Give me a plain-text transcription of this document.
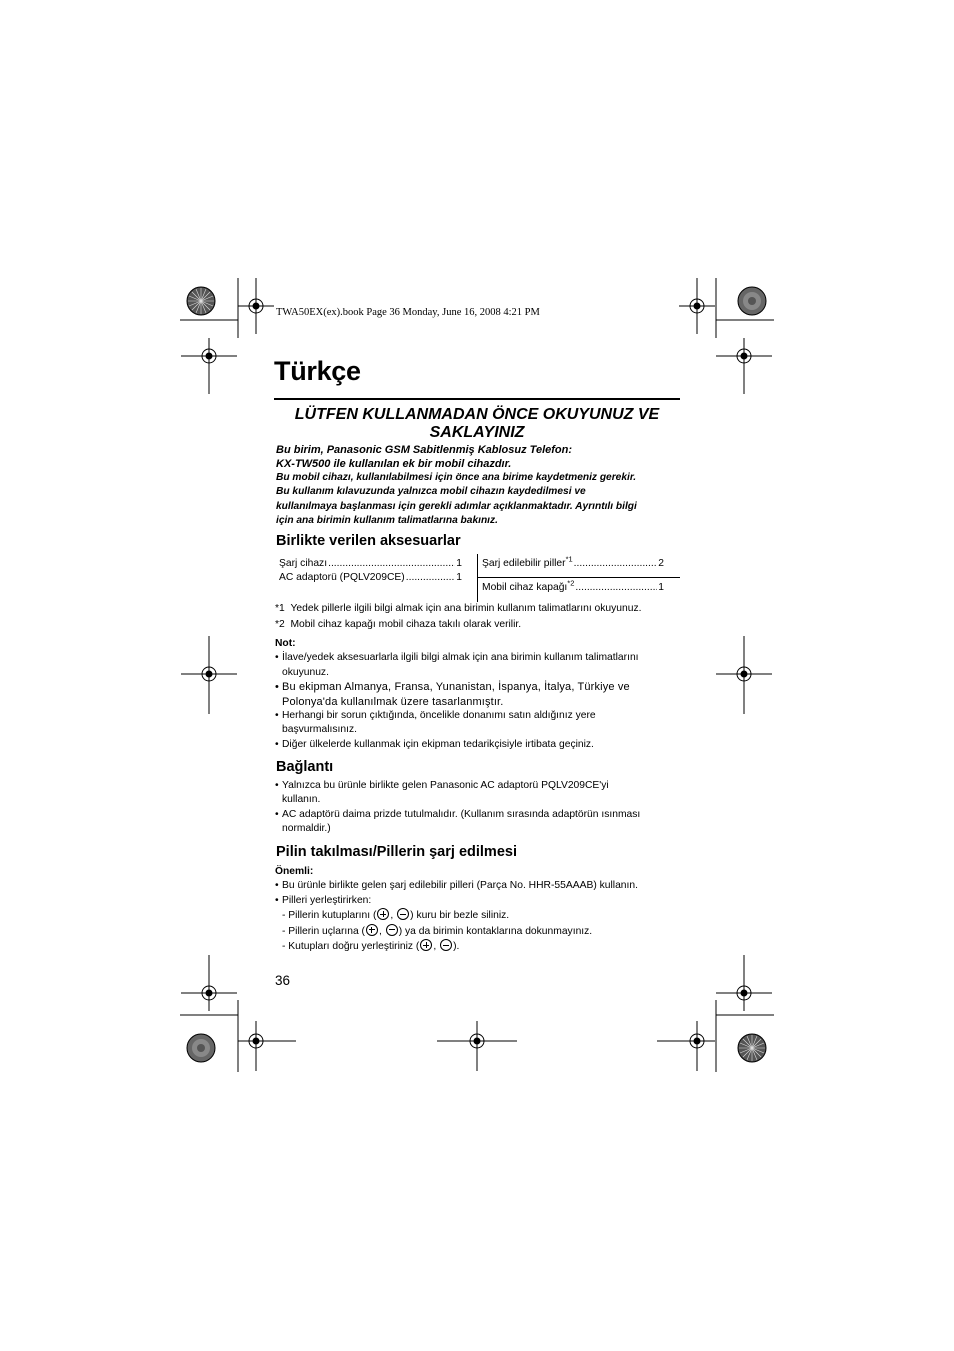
TWA50EX(ex).book Page 36 Monday, June 16, 2008 4:21 PM
Türkçe
LÜTFEN KULLANMADAN ÖNCE OKUYUNUZ VE
SAKLAYINIZ
Bu birim, Panasonic GSM Sabitlenmiş Kablosuz Telefon:
KX-TW500 ile kullanılan ek bir mobil cihazdır.
Bu mobil cihazı, kullanılabilmesi için önce ana birime kaydetmeniz gerekir.
Bu kullanım kılavuzunda yalnızca mobil cihazın kaydedilmesi ve
kullanılmaya başlanması için gerekli adımlar açıklanmaktadır. Ayrıntılı bilgi
için ana birimin kullanım talimatlarına bakınız.
Birlikte verilen aksesuarlar
Şarj cihazı .....	1
AC adaptorü (PQLV209CE) .....	1
Şarj edilebilir piller$^{*1}$ .....	2
Mobil cihaz kapağı$^{*2}$ .....	1
*1 Yedek pillerle ilgili bilgi almak için ana birimin kullanım talimatlarını okuyunuz.
*2 Mobil cihaz kapağı mobil cihaza takılı olarak verilir.
Not:
• İlave/yedek aksesuarlarla ilgili bilgi almak için ana birimin kullanım talimatlarını
okuyunuz.
• Bu ekipman Almanya, Fransa, Yunanistan, İspanya, İtalya, Türkiye ve
Polonya'da kullanılmak üzere tasarlanmıştır.
• Herhangi bir sorun çıktığında, öncelikle donanımı satın aldığınız yere
başvurmalısınız.
• Diğer ülkelerde kullanmak için ekipman tedarikçisiyle irtibata geçiniz.
Bağlantı
• Yalnızca bu ürünle birlikte gelen Panasonic AC adaptorü PQLV209CE'yi
kullanın.
• AC adaptörü daima prizde tutulmalıdır. (Kullanım sırasında adaptörün ısınması
normaldir.)
Pilin takılması/Pillerin şarj edilmesi
Önemli:
• Bu ürünle birlikte gelen şarj edilebilir pilleri (Parça No. HHR-55AAAB) kullanın.
• Pilleri yerleştirirken:
- Pillerin kutuplarını ( , ) kuru bir bezle siliniz.
- Pillerin uçlarına ( , ) ya da birimin kontaklarına dokunmayınız.
- Kutupları doğru yerleştiriniz ( , ).
36
